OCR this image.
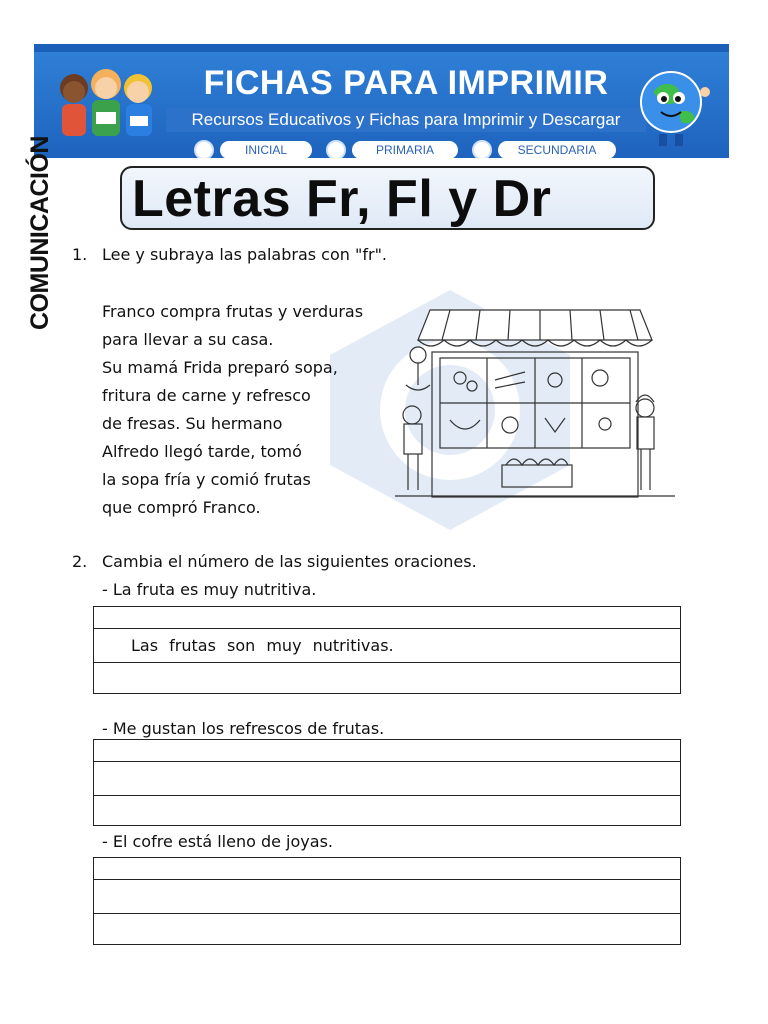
FICHAS PARA IMPRIMIR
Recursos Educativos y Fichas para Imprimir y Descargar
INICIAL	PRIMARIA	SECUNDARIA
COMUNICACIÓN Letras Fr, Fl y Dr
1. Lee y subraya las palabras con "fr".
Franco compra frutas y verduras
para llevar a su casa.
Su mamá Frida preparó sopa,
fritura de carne y refresco
de fresas. Su hermano
Alfredo llegó tarde, tomó
la sopa fría y comió frutas
que compró Franco.
2. Cambia el número de las siguientes oraciones.
- La fruta es muy nutritiva.
Las frutas son muy nutritivas.
- Me gustan los refrescos de frutas.
- El cofre está lleno de joyas.
